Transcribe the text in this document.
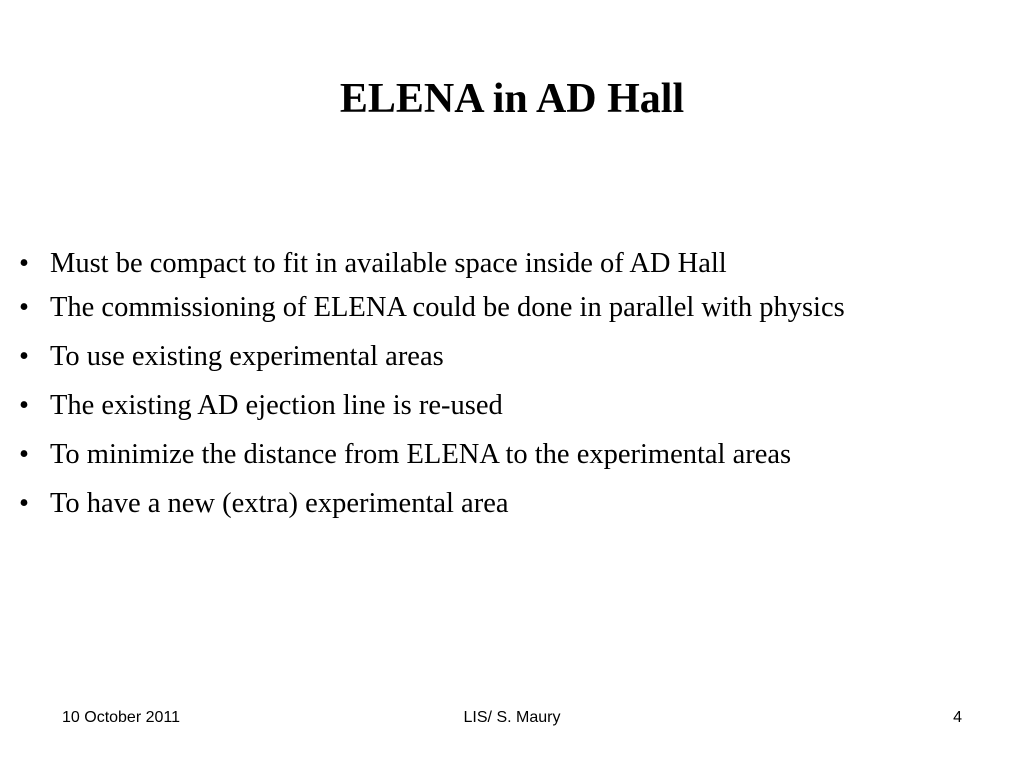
ELENA in AD Hall
• Must be compact to fit in available space inside of AD Hall
• The commissioning of ELENA could be done in parallel with physics
• To use existing experimental areas
• The existing AD ejection line is re-used
• To minimize the distance from ELENA to the experimental areas
• To have a new (extra) experimental area
10 October 2011	LIS/ S. Maury	4
